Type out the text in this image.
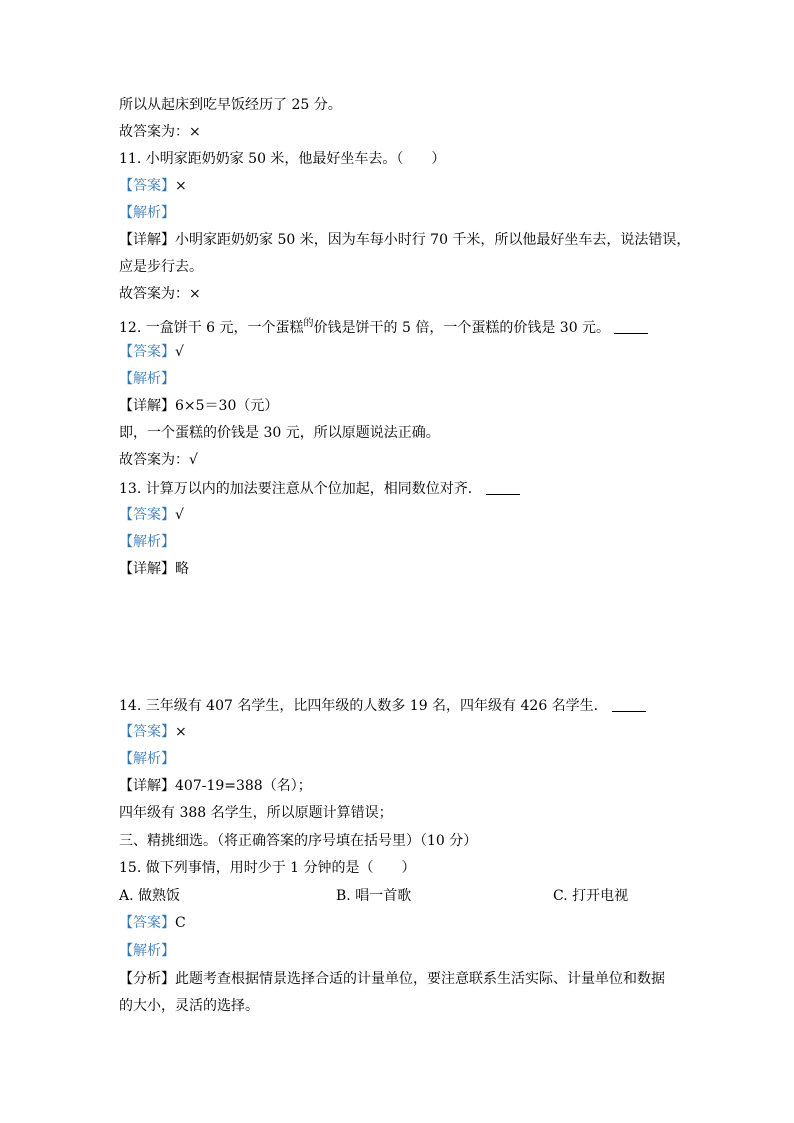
所以从起床到吃早饭经历了 25 分。
故答案为：×
11. 小明家距奶奶家 50 米，他最好坐车去。（　　）
【答案】×
【解析】
【详解】小明家距奶奶家 50 米，因为车每小时行 70 千米，所以他最好坐车去，说法错误，
应是步行去。
故答案为：×
12. 一盒饼干 6 元，一个蛋糕$^的$价钱是饼干的 5 倍，一个蛋糕的价钱是 30 元。
【答案】√
【解析】
【详解】6×5＝30（元）
即，一个蛋糕的价钱是 30 元，所以原题说法正确。
故答案为：√
13. 计算万以内的加法要注意从个位加起，相同数位对齐．
【答案】√
【解析】
【详解】略
14. 三年级有 407 名学生，比四年级的人数多 19 名，四年级有 426 名学生．
【答案】×
【解析】
【详解】407-19=388（名）；
四年级有 388 名学生，所以原题计算错误；
三、精挑细选。（将正确答案的序号填在括号里）（10 分）
15. 做下列事情，用时少于 1 分钟的是（　　）
A. 做熟饭	B. 唱一首歌	C. 打开电视
【答案】C
【解析】
【分析】此题考查根据情景选择合适的计量单位，要注意联系生活实际、计量单位和数据
的大小，灵活的选择。
